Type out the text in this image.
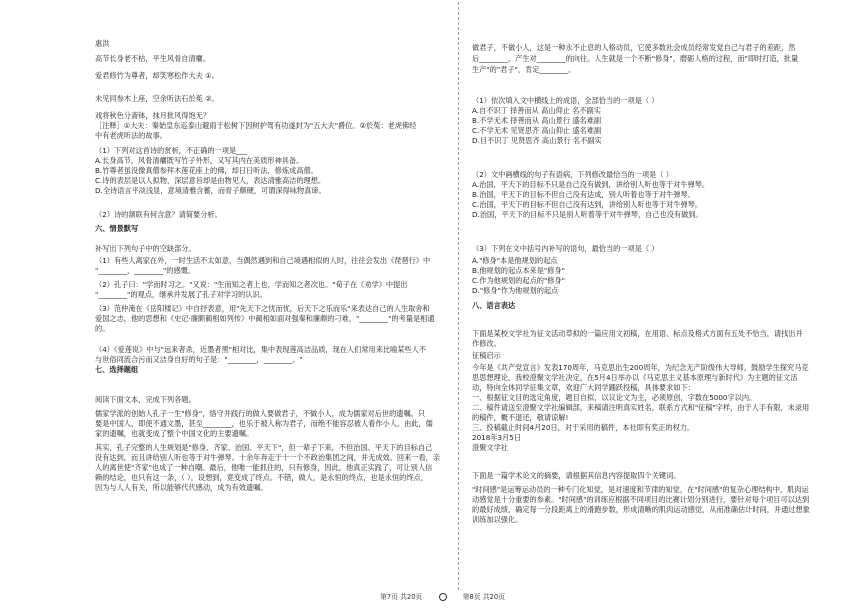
惠洪
高节长身老不枯，平生风骨自清癯。
爱君修竹为尊者，却笑寒松作大夫 ①。
未见同参木上座，空余听法石於菟 ②。
戏将秋色分斋钵，抹月批风得饱无？
［注释］①大夫：秦始皇东巡泰山避雨于松树下因树护驾有功遂封为"五大夫"爵位。②於菟：老虎佛经
中有老虎听法的故事。
（1）下列对这首诗的赏析，不正确的一项是___
A.长身高节，风骨清癯既写竹子外形，又写其内在美质形神具备。
B.竹尊者虽没像真僧参拜木莲花座上的佛，却日日听法，修炼成高僧。
C.诗的表层是以人拟物，深层意旨却是由物见人，表达清雅高洁的理想。
D.全诗语言平淡浅显，意境清雅含蓄，而骨子颇硬，可谓深得咏物真谛。
（2）诗的颔联有何含意？请简要分析。
六、情景默写
补写出下列句子中的空缺部分。
（1）有些人离家在外，一时生活不太如意，当偶然遇到和自己境遇相似的人时，往往会发出《琵琶行》中
"________，________"的感慨。
（2）孔子曰："学而时习之。"又说："生而知之者上也，学而知之者次也。"荀子在《劝学》中提出
"________"的观点，继承并发展了孔子对学习的认识。
（3）范仲淹在《岳阳楼记》中自抒表意，用"先天下之忧而忧，后天下之乐而乐"来表达自己的人生取舍和
爱国之志，他的思想和《史记·廉颇蔺相如列传》中蔺相如面对强秦和廉颇的刁难，"________"的考量是相通
的。
（4）《爱莲说》中与"远来者杀，近墨者黑"相对比，集中表现莲高洁品质，现在人们常用来比喻某些人不
与世俗同流合污而又洁身自好的句子是："________，________。"
七、选择题组
阅读下面文本，完成下列各题。
儒家学派的创始人孔子一生"修身"，恪守并践行的做人要做君子，不做小人，成为儒家对后世的遗嘱。只
要是中国人，即使不通文墨，甚至________，也乐于被人称为君子，而绝不能容忍被人看作小人。由此，儒
家的遗嘱，也就变成了整个中国文化的主要遗嘱。
其实，孔子完整的人生规划是"修身、齐家、治国、平天下"，但一辈子下来，不但治国、平天下的目标自己
没有达到，而且讲给别人听也等于对牛弹琴。十余年奔走于十一个不政治集团之间，并无成效。回来一看，亲
人的离世使"齐家"也成了一种自嘲。最后，他唯一能抓住的，只有修身，因此，他真正实践了，可让别人信
赖的结论，也只有这一条，（ ），设想到，竟变成了终点。不错，做人，是永恒的终点，也是永恒的终点，
因为与人人有关，所以能够代代感动，成为有效遗嘱。
做君子，不做小人，这是一种永不止息的人格动员，它使多数社会成员经常发觉自己与君子的差距，然
后________，产生对________的向往。人生就是一个不断"修身"，磨砺人格的过程，而"即时打造，批量
生产"的"君子"，肯定________。
（1）依次填入文中横线上的成语，全部恰当的一项是（ ）
A.自不识丁 择善而从 高山仰止 名不副实
B.不学无术 择善而从 高山景行 盛名难副
C.不学无术 见贤思齐 高山仰止 盛名难副
D.目不识丁 见贤思齐 高山景行 名不副实
（2）文中画横线的句子有语病，下列修改最恰当的一项是（ ）
A.治国，平天下的目标不只是自己没有做到，讲给别人听也等于对牛弹琴。
B.治国，平天下的目标不但自己没有达成，别人听着也等于对牛弹琴。
C.治国，平天下的目标不但自己没有达到，讲给别人听也等于对牛弹琴。
D.治国，平天下的目标不只是别人听着等于对牛弹琴，自己也没有做到。
（3）下列在文中括号内补写的语句，最恰当的一项是（ ）
A."修身"本是他规划的起点
B.他规划的起点本来是"修身"
C.作为他规划的起点的"修身"
D."修身"作为他规划的起点
八、语言表达
下面是某校文学社为征文活动草拟的一篇应用文初稿，在用语、标点及格式方面有五处不恰当，请找出并
作修改。
征稿启示
今年是《共产党宣言》发表170周年，马克思出生200周年，为纪念无产阶级伟大导师，鼓励学生探究马克
思思想理论，我校澄聚文学社决定，在5月4日举办以《马克思主义基本原理与新时代》为主题的征文活
动，特向全体同学征集文章，欢迎广大同学踊跃投稿，具体要求如下：
一、根据征文目的选定角度，题目自拟，以议论文为主，必须原创，字数在5000字以内。
二、稿件请送至澄聚文学社编辑部，来稿请注明真实姓名，联系方式和"征稿"字样，由于人手有限，未录用
的稿件，概不退还，敬请谅解!
三、投稿截止时间4月20日，对于采用的稿件，本社即有奖正的权力。
2018年3月5日
澄聚文学社
下面是一篇学术论文的摘要，请根据其信息内容提取四个关键词。
"时间感"是运筹运动员的一种专门化知觉，是对速度和节律的知觉，在"时间感"的复杂心理结构中，肌肉运
动感觉是十分重要的参素。"时间感"的训练应根据不同项目的比赛计划分别进行，要针对每个项目可以达到
的最好成绩，确定每一分段距离上的滑跑步数，形成清晰的肌肉运动感觉，从而准确估计时间，并通过想象
训练加以强化。
第7页 共20页	第8页 共20页
